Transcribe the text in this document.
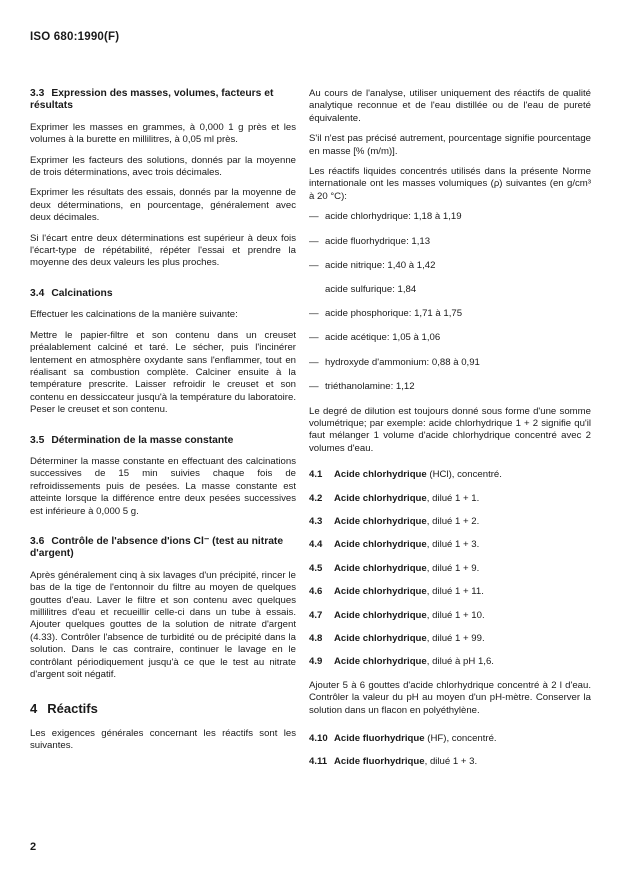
ISO 680:1990(F)
3.3 Expression des masses, volumes, facteurs et résultats

Exprimer les masses en grammes, à 0,000 1 g près et les volumes à la burette en millilitres, à 0,05 ml près.

Exprimer les facteurs des solutions, donnés par la moyenne de trois déterminations, avec trois décimales.

Exprimer les résultats des essais, donnés par la moyenne de deux déterminations, en pourcentage, généralement avec deux décimales.

Si l'écart entre deux déterminations est supérieur à deux fois l'écart-type de répétabilité, répéter l'essai et prendre la moyenne des deux valeurs les plus proches.

3.4 Calcinations

Effectuer les calcinations de la manière suivante:

Mettre le papier-filtre et son contenu dans un creuset préalablement calciné et taré. Le sécher, puis l'incinérer lentement en atmosphère oxydante sans l'enflammer, tout en réalisant sa combustion complète. Calciner ensuite à la température prescrite. Laisser refroidir le creuset et son contenu en dessiccateur jusqu'à la température du laboratoire. Peser le creuset et son contenu.

3.5 Détermination de la masse constante

Déterminer la masse constante en effectuant des calcinations successives de 15 min suivies chaque fois de refroidissements puis de pesées. La masse constante est atteinte lorsque la différence entre deux pesées successives est inférieure à 0,000 5 g.

3.6 Contrôle de l'absence d'ions Cl⁻ (test au nitrate d'argent)

Après généralement cinq à six lavages d'un précipité, rincer le bas de la tige de l'entonnoir du filtre au moyen de quelques gouttes d'eau. Laver le filtre et son contenu avec quelques millilitres d'eau et recueillir celle-ci dans un tube à essais. Ajouter quelques gouttes de la solution de nitrate d'argent (4.33). Contrôler l'absence de turbidité ou de précipité dans la solution. Dans le cas contraire, continuer le lavage en le contrôlant périodiquement jusqu'à ce que le test au nitrate d'argent soit négatif.

4 Réactifs

Les exigences générales concernant les réactifs sont les suivantes.

Au cours de l'analyse, utiliser uniquement des réactifs de qualité analytique reconnue et de l'eau distillée ou de l'eau de pureté équivalente.

S'il n'est pas précisé autrement, pourcentage signifie pourcentage en masse [% (m/m)].

Les réactifs liquides concentrés utilisés dans la présente Norme internationale ont les masses volumiques (ρ) suivantes (en g/cm³ à 20 °C):

— acide chlorhydrique: 1,18 à 1,19
— acide fluorhydrique: 1,13
— acide nitrique: 1,40 à 1,42
acide sulfurique: 1,84
— acide phosphorique: 1,71 à 1,75
— acide acétique: 1,05 à 1,06
— hydroxyde d'ammonium: 0,88 à 0,91
— triéthanolamine: 1,12

Le degré de dilution est toujours donné sous forme d'une somme volumétrique; par exemple: acide chlorhydrique 1 + 2 signifie qu'il faut mélanger 1 volume d'acide chlorhydrique concentré avec 2 volumes d'eau.

4.1 Acide chlorhydrique (HCl), concentré.
4.2 Acide chlorhydrique, dilué 1 + 1.
4.3 Acide chlorhydrique, dilué 1 + 2.
4.4 Acide chlorhydrique, dilué 1 + 3.
4.5 Acide chlorhydrique, dilué 1 + 9.
4.6 Acide chlorhydrique, dilué 1 + 11.
4.7 Acide chlorhydrique, dilué 1 + 10.
4.8 Acide chlorhydrique, dilué 1 + 99.
4.9 Acide chlorhydrique, dilué à pH 1,6.

Ajouter 5 à 6 gouttes d'acide chlorhydrique concentré à 2 l d'eau. Contrôler la valeur du pH au moyen d'un pH-mètre. Conserver la solution dans un flacon en polyéthylène.

4.10 Acide fluorhydrique (HF), concentré.
4.11 Acide fluorhydrique, dilué 1 + 3.
2
